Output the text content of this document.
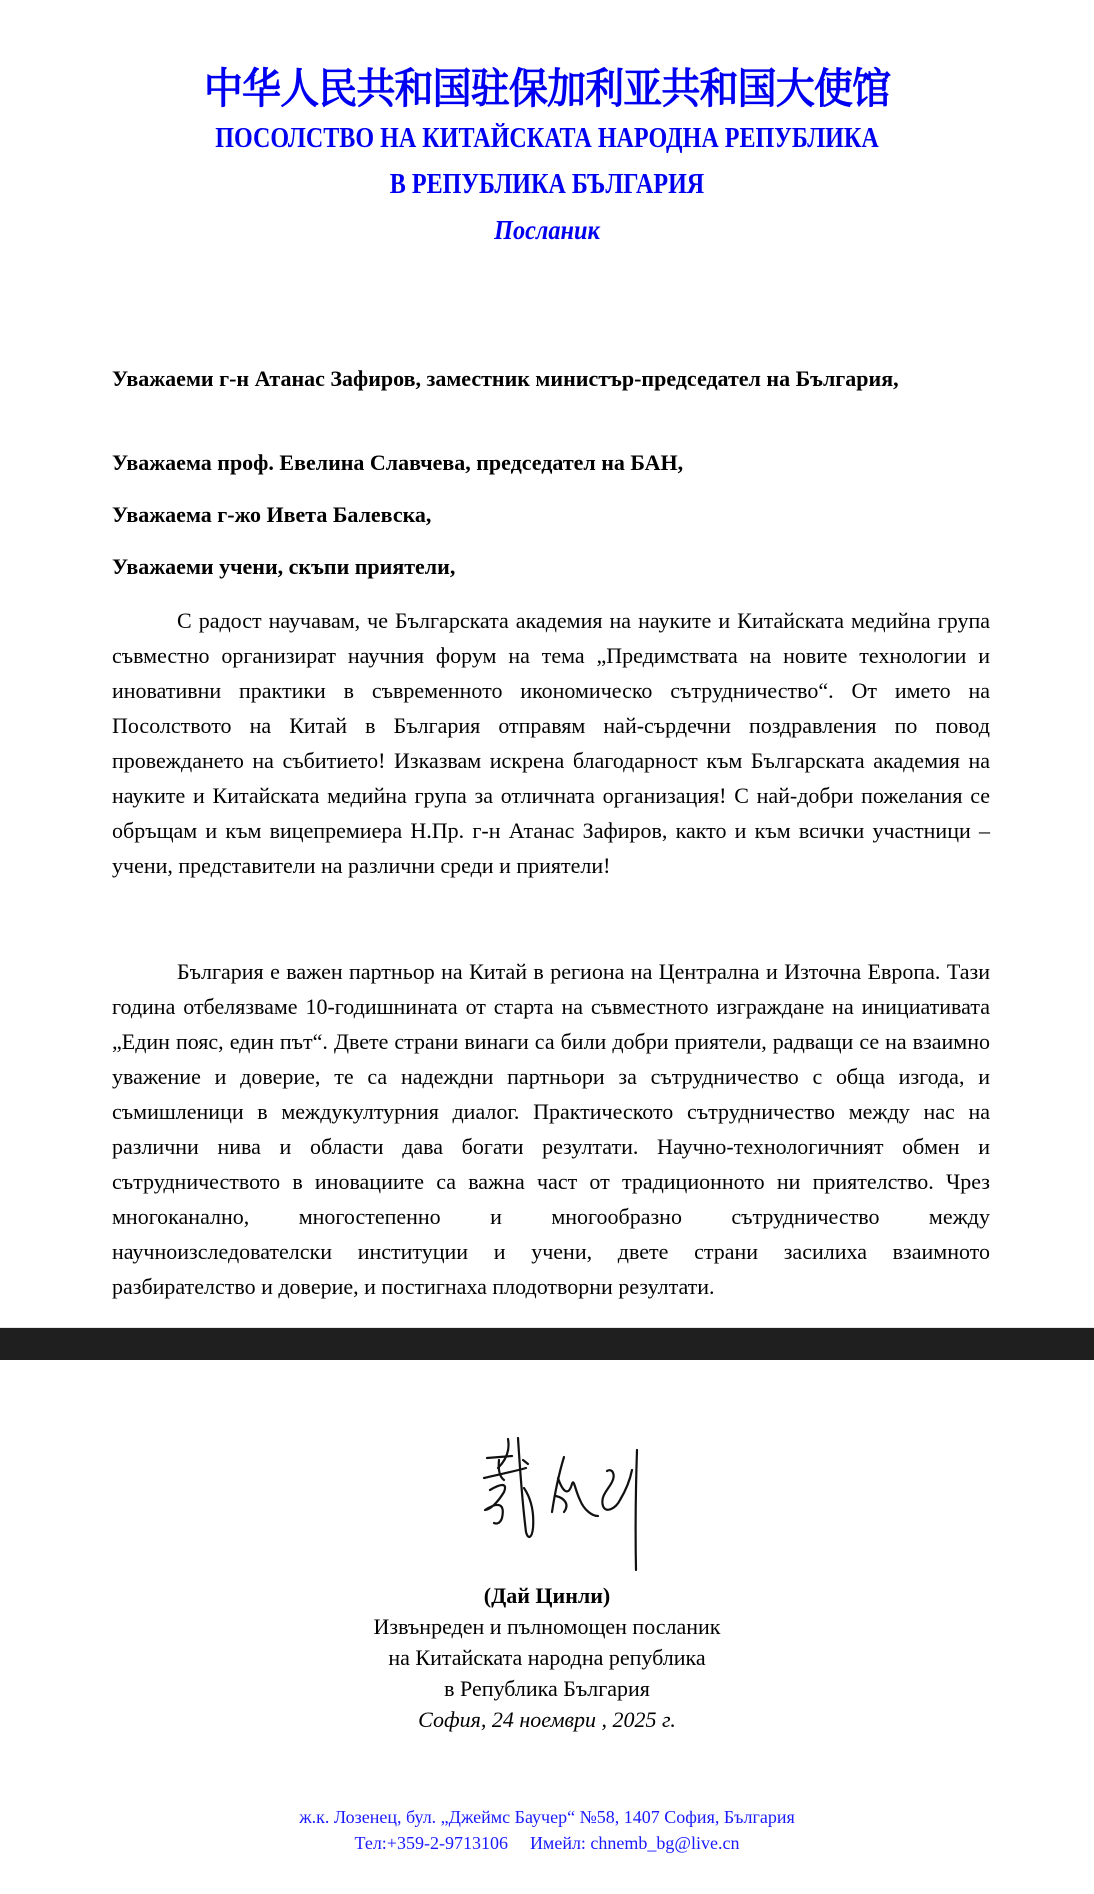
中华人民共和国驻保加利亚共和国大使馆
ПОСОЛСТВО НА КИТАЙСКАТА НАРОДНА РЕПУБЛИКА
В РЕПУБЛИКА БЪЛГАРИЯ
Посланик

Уважаеми г-н Атанас Зафиров, заместник министър-председател на България,

Уважаема проф. Евелина Славчева, председател на БАН,

Уважаема г-жо Ивета Балевска,

Уважаеми учени, скъпи приятели,

С радост научавам, че Българската академия на науките и Китайската медийна група съвместно организират научния форум на тема „Предимствата на новите технологии и иновативни практики в съвременното икономическо сътрудничество“. От името на Посолството на Китай в България отправям най-сърдечни поздравления по повод провеждането на събитието! Изказвам искрена благодарност към Българската академия на науките и Китайската медийна група за отличната организация! С най-добри пожелания се обръщам и към вицепремиера Н.Пр. г-н Атанас Зафиров, както и към всички участници – учени, представители на различни среди и приятели!

България е важен партньор на Китай в региона на Централна и Източна Европа. Тази година отбелязваме 10-годишнината от старта на съвместното изграждане на инициативата „Един пояс, един път“. Двете страни винаги са били добри приятели, радващи се на взаимно уважение и доверие, те са надеждни партньори за сътрудничество с обща изгода, и съмишленици в междукултурния диалог. Практическото сътрудничество между нас на различни нива и области дава богати резултати. Научно-технологичният обмен и сътрудничеството в иновациите са важна част от традиционното ни приятелство. Чрез многоканално, многостепенно и многообразно сътрудничество между научноизследователски институции и учени, двете страни засилиха взаимното разбирателство и доверие, и постигнаха плодотворни резултати.

(Дай Цинли)
Извънреден и пълномощен посланик
на Китайската народна република
в Република България
София, 24 ноември , 2025 г.
ж.к. Лозенец, бул. „Джеймс Баучер“ №58, 1407 София, България
Тел:+359-2-9713106 Имейл: chnemb_bg@live.cn
